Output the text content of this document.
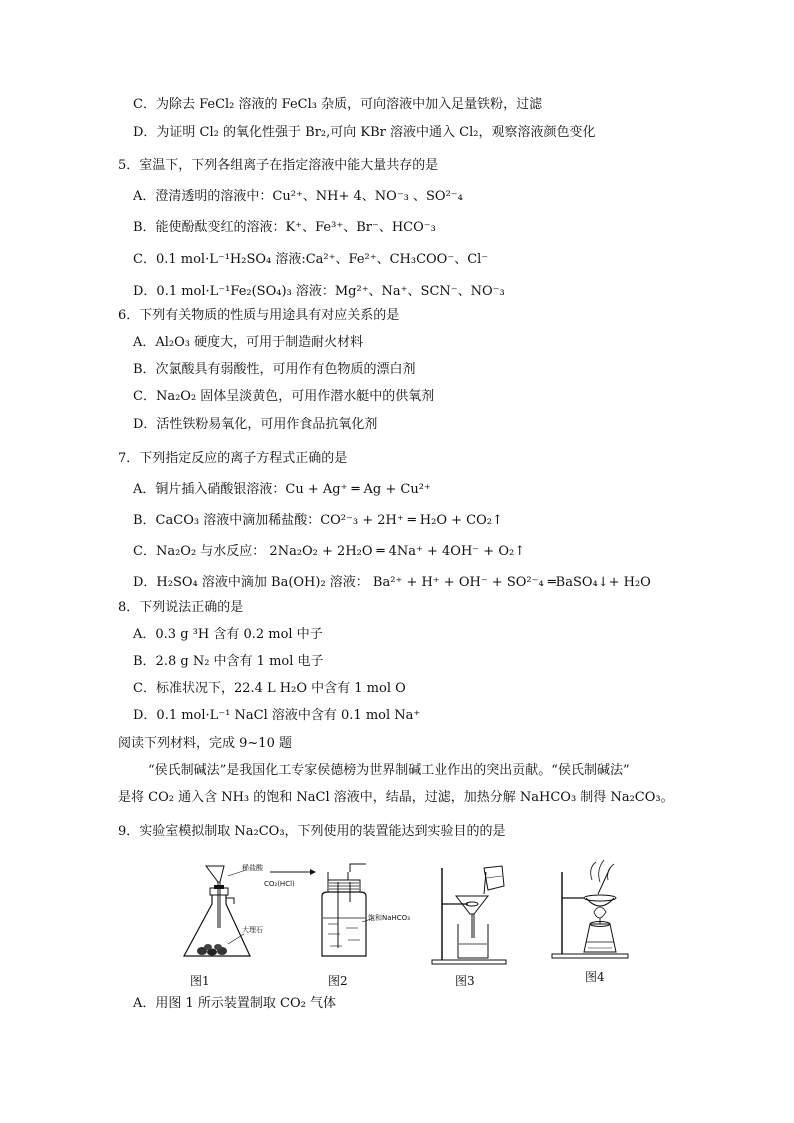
C．为除去 FeCl₂ 溶液的 FeCl₃ 杂质，可向溶液中加入足量铁粉，过滤
D．为证明 Cl₂ 的氧化性强于 Br₂,可向 KBr 溶液中通入 Cl₂，观察溶液颜色变化
5．室温下，下列各组离子在指定溶液中能大量共存的是
A．澄清透明的溶液中：Cu²⁺、NH+ 4、NO⁻₃ 、SO²⁻₄
B．能使酚酞变红的溶液：K⁺、Fe³⁺、Br⁻、HCO⁻₃
C．0.1 mol·L⁻¹H₂SO₄ 溶液:Ca²⁺、Fe²⁺、CH₃COO⁻、Cl⁻
D．0.1 mol·L⁻¹Fe₂(SO₄)₃ 溶液：Mg²⁺、Na⁺、SCN⁻、NO⁻₃
6．下列有关物质的性质与用途具有对应关系的是
A．Al₂O₃ 硬度大，可用于制造耐火材料
B．次氯酸具有弱酸性，可用作有色物质的漂白剂
C．Na₂O₂ 固体呈淡黄色，可用作潜水艇中的供氧剂
D．活性铁粉易氧化，可用作食品抗氧化剂
7．下列指定反应的离子方程式正确的是
A．铜片插入硝酸银溶液：Cu + Ag⁺ ═ Ag + Cu²⁺
B．CaCO₃ 溶液中滴加稀盐酸：CO²⁻₃ + 2H⁺ ═ H₂O + CO₂↑
C．Na₂O₂ 与水反应： 2Na₂O₂ + 2H₂O ═ 4Na⁺ + 4OH⁻ + O₂↑
D．H₂SO₄ 溶液中滴加 Ba(OH)₂ 溶液： Ba²⁺ + H⁺ + OH⁻ + SO²⁻₄ ═BaSO₄↓+ H₂O
8．下列说法正确的是
A．0.3 g ³H 含有 0.2 mol 中子
B．2.8 g N₂ 中含有 1 mol 电子
C．标准状况下，22.4 L H₂O 中含有 1 mol O
D．0.1 mol·L⁻¹ NaCl 溶液中含有 0.1 mol Na⁺
阅读下列材料，完成 9~10 题
“侯氏制碱法”是我国化工专家侯德榜为世界制碱工业作出的突出贡献。“侯氏制碱法”
是将 CO₂ 通入含 NH₃ 的饱和 NaCl 溶液中，结晶，过滤，加热分解 NaHCO₃ 制得 Na₂CO₃。
9．实验室模拟制取 Na₂CO₃，下列使用的装置能达到实验目的的是
稀盐酸
大理石
图1
CO₂(HCl)
饱和NaHCO₃
图2	图3	图4
A．用图 1 所示装置制取 CO₂ 气体
